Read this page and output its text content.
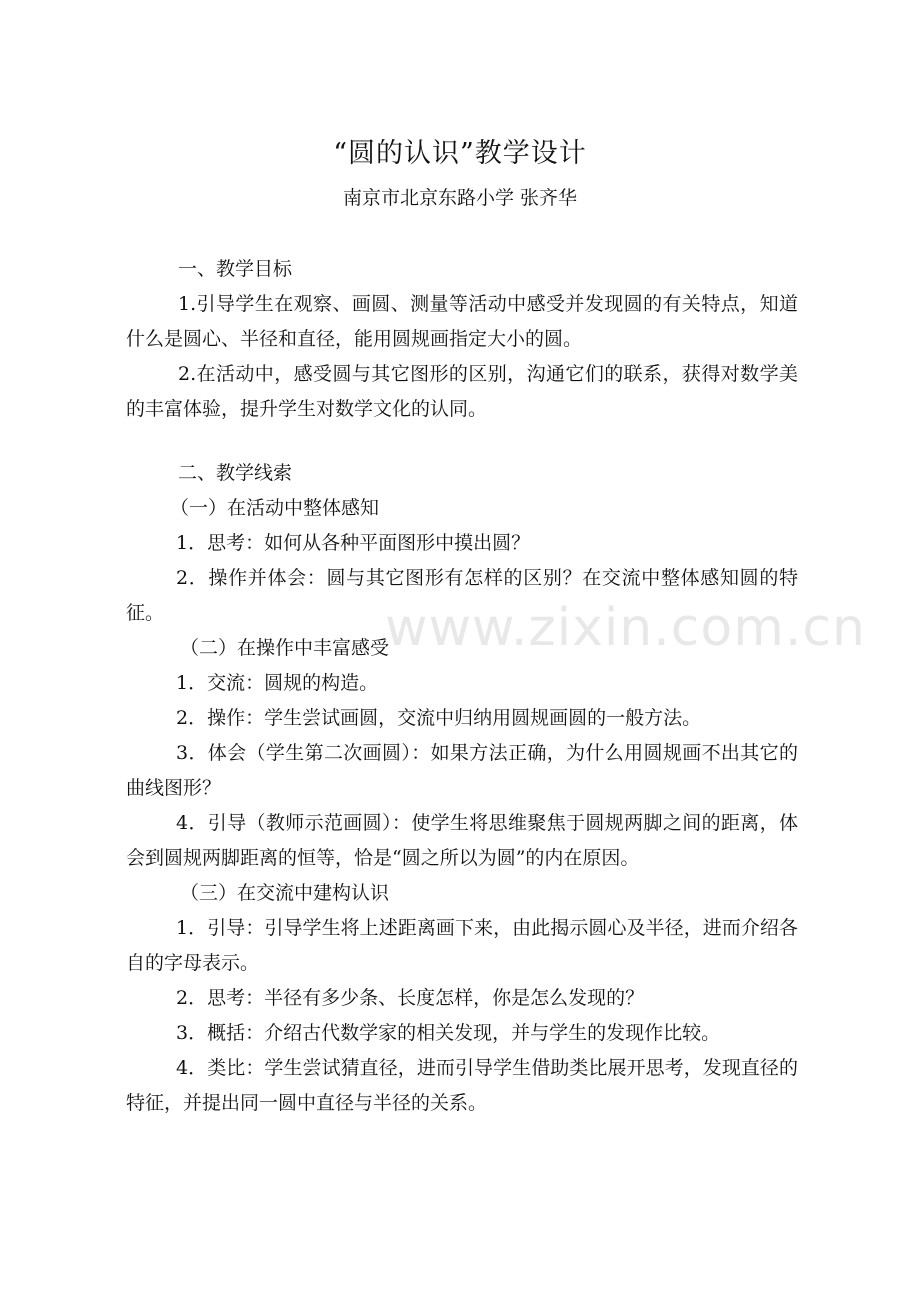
“圆的认识”教学设计
南京市北京东路小学 张齐华

一、教学目标

1.引导学生在观察、画圆、测量等活动中感受并发现圆的有关特点，知道什么是圆心、半径和直径，能用圆规画指定大小的圆。

2.在活动中，感受圆与其它图形的区别，沟通它们的联系，获得对数学美的丰富体验，提升学生对数学文化的认同。

二、教学线索

（一）在活动中整体感知

1．思考：如何从各种平面图形中摸出圆？

2．操作并体会：圆与其它图形有怎样的区别？在交流中整体感知圆的特征。

（二）在操作中丰富感受

1．交流：圆规的构造。

2．操作：学生尝试画圆，交流中归纳用圆规画圆的一般方法。

3．体会（学生第二次画圆）：如果方法正确，为什么用圆规画不出其它的曲线图形？

4．引导（教师示范画圆）：使学生将思维聚焦于圆规两脚之间的距离，体会到圆规两脚距离的恒等，恰是“圆之所以为圆”的内在原因。

（三）在交流中建构认识

1．引导：引导学生将上述距离画下来，由此揭示圆心及半径，进而介绍各自的字母表示。

2．思考：半径有多少条、长度怎样，你是怎么发现的？

3．概括：介绍古代数学家的相关发现，并与学生的发现作比较。

4．类比：学生尝试猜直径，进而引导学生借助类比展开思考，发现直径的特征，并提出同一圆中直径与半径的关系。

www.zixin.com.cn
